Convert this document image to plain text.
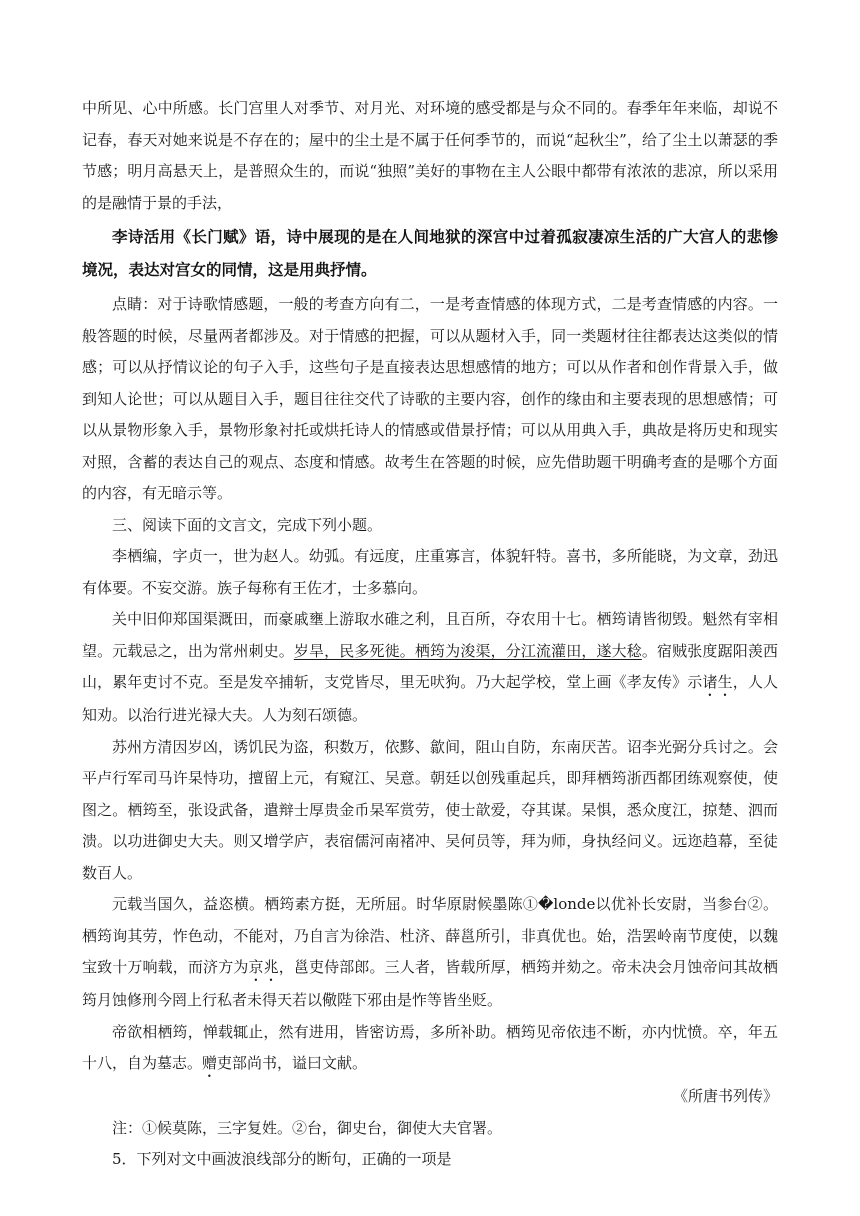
中所见、心中所感。长门宫里人对季节、对月光、对环境的感受都是与众不同的。春季年年来临，却说不记春，春天对她来说是不存在的；屋中的尘土是不属于任何季节的，而说“起秋尘”，给了尘土以萧瑟的季节感；明月高悬天上，是普照众生的，而说“独照”美好的事物在主人公眼中都带有浓浓的悲凉，所以采用的是融情于景的手法，

李诗活用《长门赋》语，诗中展现的是在人间地狱的深宫中过着孤寂凄凉生活的广大宫人的悲惨境况，表达对宫女的同情，这是用典抒情。

点睛：对于诗歌情感题，一般的考查方向有二，一是考查情感的体现方式，二是考查情感的内容。一般答题的时候，尽量两者都涉及。对于情感的把握，可以从题材入手，同一类题材往往都表达这类似的情感；可以从抒情议论的句子入手，这些句子是直接表达思想感情的地方；可以从作者和创作背景入手，做到知人论世；可以从题目入手，题目往往交代了诗歌的主要内容，创作的缘由和主要表现的思想感情；可以从景物形象入手，景物形象衬托或烘托诗人的情感或借景抒情；可以从用典入手，典故是将历史和现实对照，含蓄的表达自己的观点、态度和情感。故考生在答题的时候，应先借助题干明确考查的是哪个方面的内容，有无暗示等。

三、阅读下面的文言文，完成下列小题。

李栖编，字贞一，世为赵人。幼弧。有远度，庄重寡言，体貌轩特。喜书，多所能晓，为文章，劲迅有体要。不妄交游。族子每称有王佐才，士多慕向。

关中旧仰郑国渠溉田，而豪戚壅上游取水碓之利，且百所，夺农用十七。栖筠请皆彻毁。魁然有宰相望。元载忌之，出为常州刺史。岁旱，民多死徙。栖筠为浚渠，分江流灌田，遂大稔。宿贼张度踞阳羡西山，累年吏讨不克。至是发卒捕斩，支党皆尽，里无吠狗。乃大起学校，堂上画《孝友传》示诸生，人人知劝。以治行进光禄大夫。人为刻石颂德。

苏州方清因岁凶，诱饥民为盗，积数万，依黟、歙间，阻山自防，东南厌苦。诏李光弼分兵讨之。会平卢行军司马许杲恃功，擅留上元，有窥江、吴意。朝廷以创残重起兵，即拜栖筠浙西都团练观察使，使图之。栖筠至，张设武备，遣辩士厚贵金币杲军赏劳，使士歆爱，夺其谋。杲惧，悉众度江，掠楚、泗而溃。以功进御史大夫。则又增学庐，表宿儒河南褚冲、吴何员等，拜为师，身执经问义。远迩趋幕，至徒数百人。

元载当国久，益恣横。栖筠素方挺，无所屈。时华原尉候墨陈①�londe以优补长安尉，当参台②。栖筠询其劳，怍色动，不能对，乃自言为徐浩、杜济、薛邕所引，非真优也。始，浩罢岭南节度使，以魏宝致十万响载，而济方为京兆，邕吏侍部郎。三人者，皆载所厚，栖筠并劾之。帝未决会月蚀帝问其故栖筠月蚀修刑今罔上行私者未得天若以儆陛下邪由是怍等皆坐贬。

帝欲相栖筠，惮载辄止，然有进用，皆密访焉，多所补助。栖筠见帝依违不断，亦内忧愤。卒，年五十八，自为墓志。赠吏部尚书，谥曰文献。

《所唐书列传》

注：①候莫陈，三字复姓。②台，御史台，御使大夫官署。

5．下列对文中画波浪线部分的断句，正确的一项是
